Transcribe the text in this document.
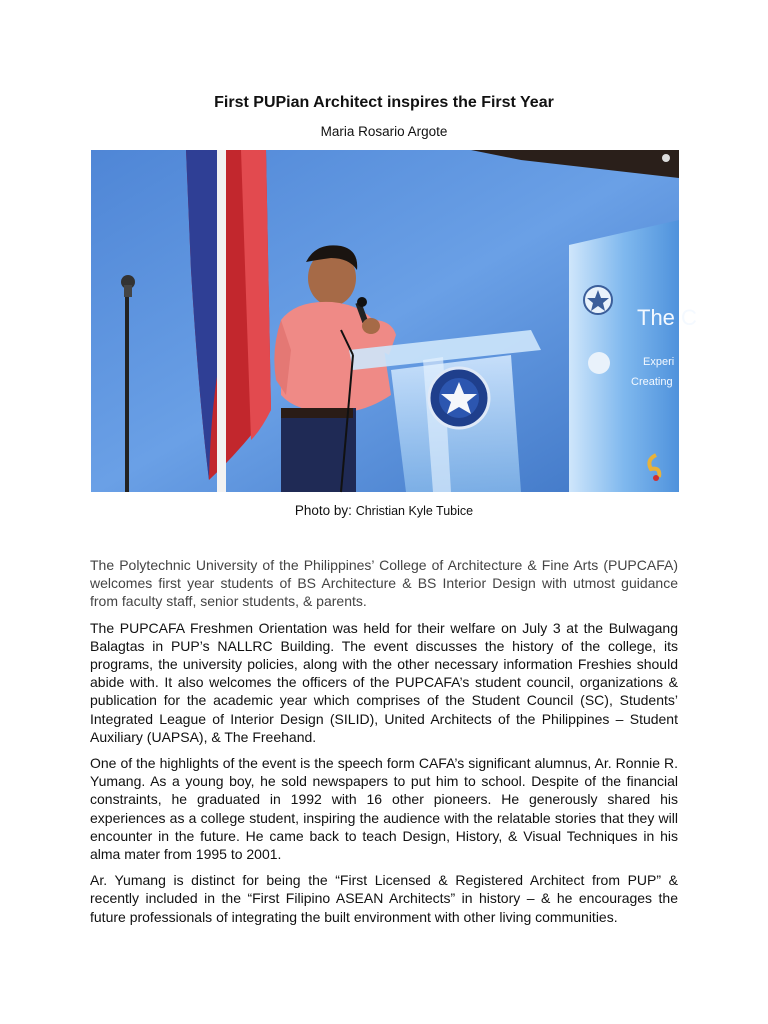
First PUPian Architect inspires the First Year
Maria Rosario Argote
The C
Experi
Creating
Photo by: Christian Kyle Tubice

The Polytechnic University of the Philippines’ College of Architecture & Fine Arts (PUPCAFA) welcomes first year students of BS Architecture & BS Interior Design with utmost guidance from faculty staff, senior students, & parents.

The PUPCAFA Freshmen Orientation was held for their welfare on July 3 at the Bulwagang Balagtas in PUP’s NALLRC Building. The event discusses the history of the college, its programs, the university policies, along with the other necessary information Freshies should abide with. It also welcomes the officers of the PUPCAFA’s student council, organizations & publication for the academic year which comprises of the Student Council (SC), Students’ Integrated League of Interior Design (SILID), United Architects of the Philippines – Student Auxiliary (UAPSA), & The Freehand.

One of the highlights of the event is the speech form CAFA’s significant alumnus, Ar. Ronnie R. Yumang. As a young boy, he sold newspapers to put him to school. Despite of the financial constraints, he graduated in 1992 with 16 other pioneers. He generously shared his experiences as a college student, inspiring the audience with the relatable stories that they will encounter in the future. He came back to teach Design, History, & Visual Techniques in his alma mater from 1995 to 2001.

Ar. Yumang is distinct for being the “First Licensed & Registered Architect from PUP” & recently included in the “First Filipino ASEAN Architects” in history – & he encourages the future professionals of integrating the built environment with other living communities.
